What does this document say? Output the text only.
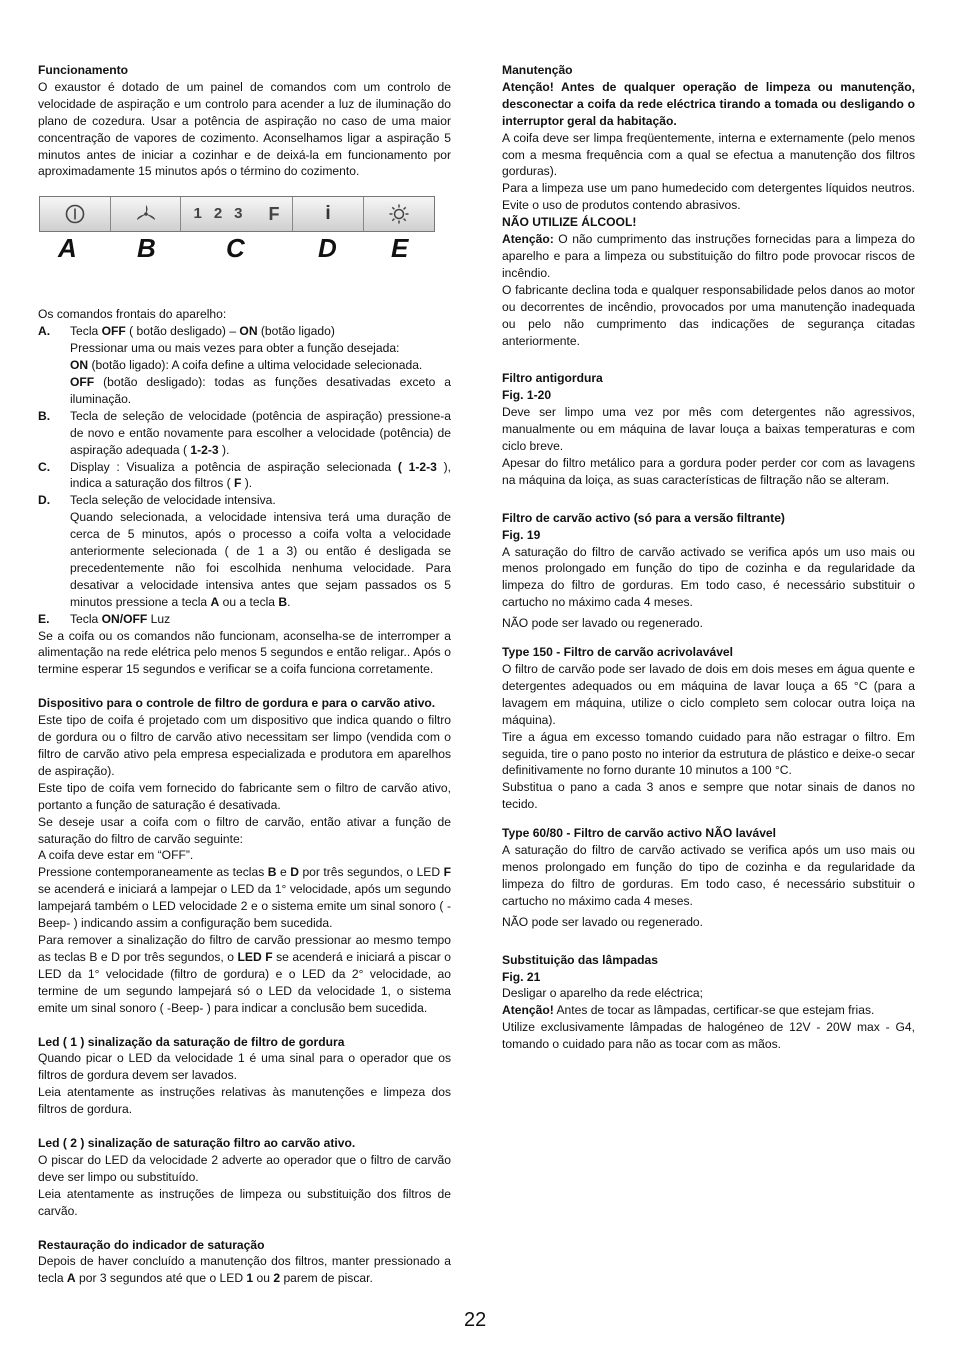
Funcionamento

O exaustor é dotado de um painel de comandos com um controlo de velocidade de aspiração e um controlo para acender a luz de iluminação do plano de cozedura. Usar a potência de aspiração no caso de uma maior concentração de vapores de cozimento. Aconselhamos ligar a aspiração 5 minutos antes de iniciar a cozinhar e de deixá-la em funcionamento por aproximadamente 15 minutos após o término do cozimento.

1 2 3 F i
A B	C	D E

Os comandos frontais do aparelho:

A.	Tecla OFF ( botão desligado) – ON (botão ligado)

Pressionar uma ou mais vezes para obter a função desejada:

ON (botão ligado): A coifa define a ultima velocidade selecionada.

OFF (botão desligado): todas as funções desativadas exceto a iluminação.

B.	Tecla de seleção de velocidade (potência de aspiração) pressione-a de novo e então novamente para escolher a velocidade (potência) de aspiração adequada ( 1-2-3 ).
C.	Display : Visualiza a potência de aspiração selecionada ( 1-2-3 ), indica a saturação dos filtros ( F ).
D.	Tecla seleção de velocidade intensiva.

Quando selecionada, a velocidade intensiva terá uma duração de cerca de 5 minutos, após o processo a coifa volta a velocidade anteriormente selecionada ( de 1 a 3) ou então é desligada se precedentemente não foi escolhida nenhuma velocidade. Para desativar a velocidade intensiva antes que sejam passados os 5 minutos pressione a tecla A ou a tecla B.

E.	Tecla ON/OFF Luz

Se a coifa ou os comandos não funcionam, aconselha-se de interromper a alimentação na rede elétrica pelo menos 5 segundos e então religar.. Após o termine esperar 15 segundos e verificar se a coifa funciona corretamente.

Dispositivo para o controle de filtro de gordura e para o carvão ativo.

Este tipo de coifa é projetado com um dispositivo que indica quando o filtro de gordura ou o filtro de carvão ativo necessitam ser limpo (vendida com o filtro de carvão ativo pela empresa especializada e produtora em aparelhos de aspiração).

Este tipo de coifa vem fornecido do fabricante sem o filtro de carvão ativo, portanto a função de saturação é desativada.

Se deseje usar a coifa com o filtro de carvão, então ativar a função de saturação do filtro de carvão seguinte:

A coifa deve estar em “OFF”.

Pressione contemporaneamente as teclas B e D por três segundos, o LED F se acenderá e iniciará a lampejar o LED da 1° velocidade, após um segundo lampejará também o LED velocidade 2 e o sistema emite um sinal sonoro ( -Beep- ) indicando assim a configuração bem sucedida.

Para remover a sinalização do filtro de carvão pressionar ao mesmo tempo as teclas B e D por três segundos, o LED F se acenderá e iniciará a piscar o LED da 1° velocidade (filtro de gordura) e o LED da 2° velocidade, ao termine de um segundo lampejará só o LED da velocidade 1, o sistema emite um sinal sonoro ( -Beep- ) para indicar a conclusão bem sucedida.

Led ( 1 ) sinalização da saturação de filtro de gordura

Quando picar o LED da velocidade 1 é uma sinal para o operador que os filtros de gordura devem ser lavados.

Leia atentamente as instruções relativas às manutenções e limpeza dos filtros de gordura.

Led ( 2 ) sinalização de saturação filtro ao carvão ativo.

O piscar do LED da velocidade 2 adverte ao operador que o filtro de carvão deve ser limpo ou substituído.

Leia atentamente as instruções de limpeza ou substituição dos filtros de carvão.

Restauração do indicador de saturação

Depois de haver concluído a manutenção dos filtros, manter pressionado a tecla A por 3 segundos até que o LED 1 ou 2 parem de piscar.

Manutenção

Atenção! Antes de qualquer operação de limpeza ou manutenção, desconectar a coifa da rede eléctrica tirando a tomada ou desligando o interruptor geral da habitação.

A coifa deve ser limpa freqüentemente, interna e externamente (pelo menos com a mesma frequência com a qual se efectua a manutenção dos filtros gorduras).

Para a limpeza use um pano humedecido com detergentes líquidos neutros. Evite o uso de produtos contendo abrasivos.

NÃO UTILIZE ÁLCOOL!

Atenção: O não cumprimento das instruções fornecidas para a limpeza do aparelho e para a limpeza ou substituição do filtro pode provocar riscos de incêndio.

O fabricante declina toda e qualquer responsabilidade pelos danos ao motor ou decorrentes de incêndio, provocados por uma manutenção inadequada ou pelo não cumprimento das indicações de segurança citadas anteriormente.

Filtro antigordura

Fig. 1-20

Deve ser limpo uma vez por mês com detergentes não agressivos, manualmente ou em máquina de lavar louça a baixas temperaturas e com ciclo breve.

Apesar do filtro metálico para a gordura poder perder cor com as lavagens na máquina da loiça, as suas características de filtração não se alteram.

Filtro de carvão activo (só para a versão filtrante)

Fig. 19

A saturação do filtro de carvão activado se verifica após um uso mais ou menos prolongado em função do tipo de cozinha e da regularidade da limpeza do filtro de gorduras. Em todo caso, é necessário substituir o cartucho no máximo cada 4 meses.

NÃO pode ser lavado ou regenerado.

Type 150 - Filtro de carvão acrivolavável

O filtro de carvão pode ser lavado de dois em dois meses em água quente e detergentes adequados ou em máquina de lavar louça a 65 °C (para a lavagem em máquina, utilize o ciclo completo sem colocar outra loiça na máquina).

Tire a água em excesso tomando cuidado para não estragar o filtro. Em seguida, tire o pano posto no interior da estrutura de plástico e deixe-o secar definitivamente no forno durante 10 minutos a 100 °C.

Substitua o pano a cada 3 anos e sempre que notar sinais de danos no tecido.

Type 60/80 - Filtro de carvão activo NÃO lavável

A saturação do filtro de carvão activado se verifica após um uso mais ou menos prolongado em função do tipo de cozinha e da regularidade da limpeza do filtro de gorduras. Em todo caso, é necessário substituir o cartucho no máximo cada 4 meses.

NÃO pode ser lavado ou regenerado.

Substituição das lâmpadas

Fig. 21

Desligar o aparelho da rede eléctrica;

Atenção! Antes de tocar as lâmpadas, certificar-se que estejam frias.

Utilize exclusivamente lâmpadas de halogéneo de 12V - 20W max - G4, tomando o cuidado para não as tocar com as mãos.

22
